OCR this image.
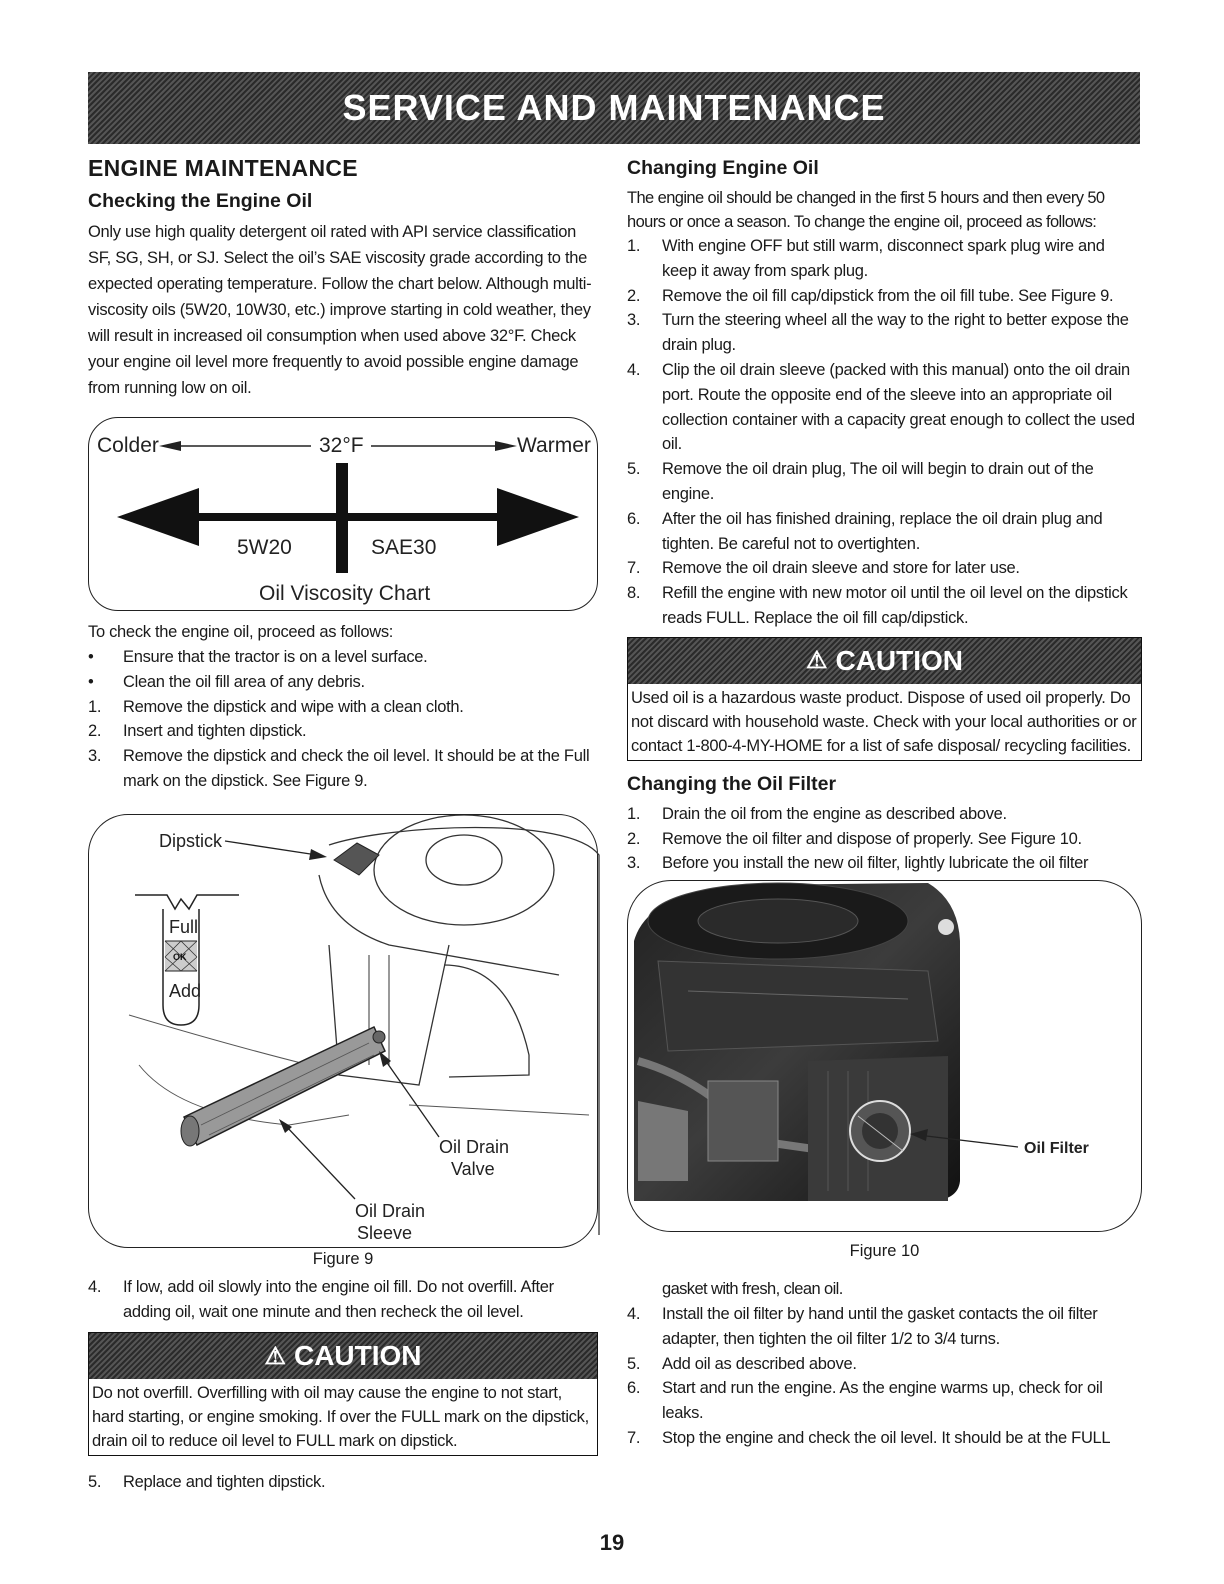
SERVICE AND MAINTENANCE
ENGINE MAINTENANCE
Checking the Engine Oil

Only use high quality detergent oil rated with API service classification SF, SG, SH, or SJ. Select the oil’s SAE viscosity grade according to the expected operating temperature. Follow the chart below. Although multi-viscosity oils (5W20, 10W30, etc.) improve starting in cold weather, they will result in increased oil consumption when used above 32°F. Check your engine oil level more frequently to avoid possible engine damage from running low on oil.

Colder	32°F	Warmer
5W20	SAE30
Oil Viscosity Chart

To check the engine oil, proceed as follows:

• Ensure that the tractor is on a level surface.
• Clean the oil fill area of any debris.
1. Remove the dipstick and wipe with a clean cloth.
2. Insert and tighten dipstick.
3. Remove the dipstick and check the oil level. It should be at the Full mark on the dipstick. See Figure 9.
Full
OK
Add
Dipstick
Oil Drain
Valve
Oil Drain
Sleeve
Figure 9
4. If low, add oil slowly into the engine oil fill. Do not overfill. After adding oil, wait one minute and then recheck the oil level.
⚠ CAUTION

Do not overfill. Overfilling with oil may cause the engine to not start, hard starting, or engine smoking. If over the FULL mark on the dipstick, drain oil to reduce oil level to FULL mark on dipstick.

5. Replace and tighten dipstick.
Changing Engine Oil

The engine oil should be changed in the first 5 hours and then every 50 hours or once a season. To change the engine oil, proceed as follows:

1. With engine OFF but still warm, disconnect spark plug wire and keep it away from spark plug.
2. Remove the oil fill cap/dipstick from the oil fill tube. See Figure 9.
3. Turn the steering wheel all the way to the right to better expose the drain plug.
4. Clip the oil drain sleeve (packed with this manual) onto the oil drain port. Route the opposite end of the sleeve into an appropriate oil collection container with a capacity great enough to collect the used oil.
5. Remove the oil drain plug, The oil will begin to drain out of the engine.
6. After the oil has finished draining, replace the oil drain plug and tighten. Be careful not to overtighten.
7. Remove the oil drain sleeve and store for later use.
8. Refill the engine with new motor oil until the oil level on the dipstick reads FULL. Replace the oil fill cap/dipstick.
⚠ CAUTION

Used oil is a hazardous waste product. Dispose of used oil properly. Do not discard with household waste. Check with your local authorities or or contact 1-800-4-MY-HOME for a list of safe disposal/ recycling facilities.

Changing the Oil Filter
1. Drain the oil from the engine as described above.
2. Remove the oil filter and dispose of properly. See Figure 10.
3. Before you install the new oil filter, lightly lubricate the oil filter
Oil Filter
Figure 10

gasket with fresh, clean oil.

4. Install the oil filter by hand until the gasket contacts the oil filter adapter, then tighten the oil filter 1/2 to 3/4 turns.
5. Add oil as described above.
6. Start and run the engine. As the engine warms up, check for oil leaks.
7. Stop the engine and check the oil level. It should be at the FULL
19
